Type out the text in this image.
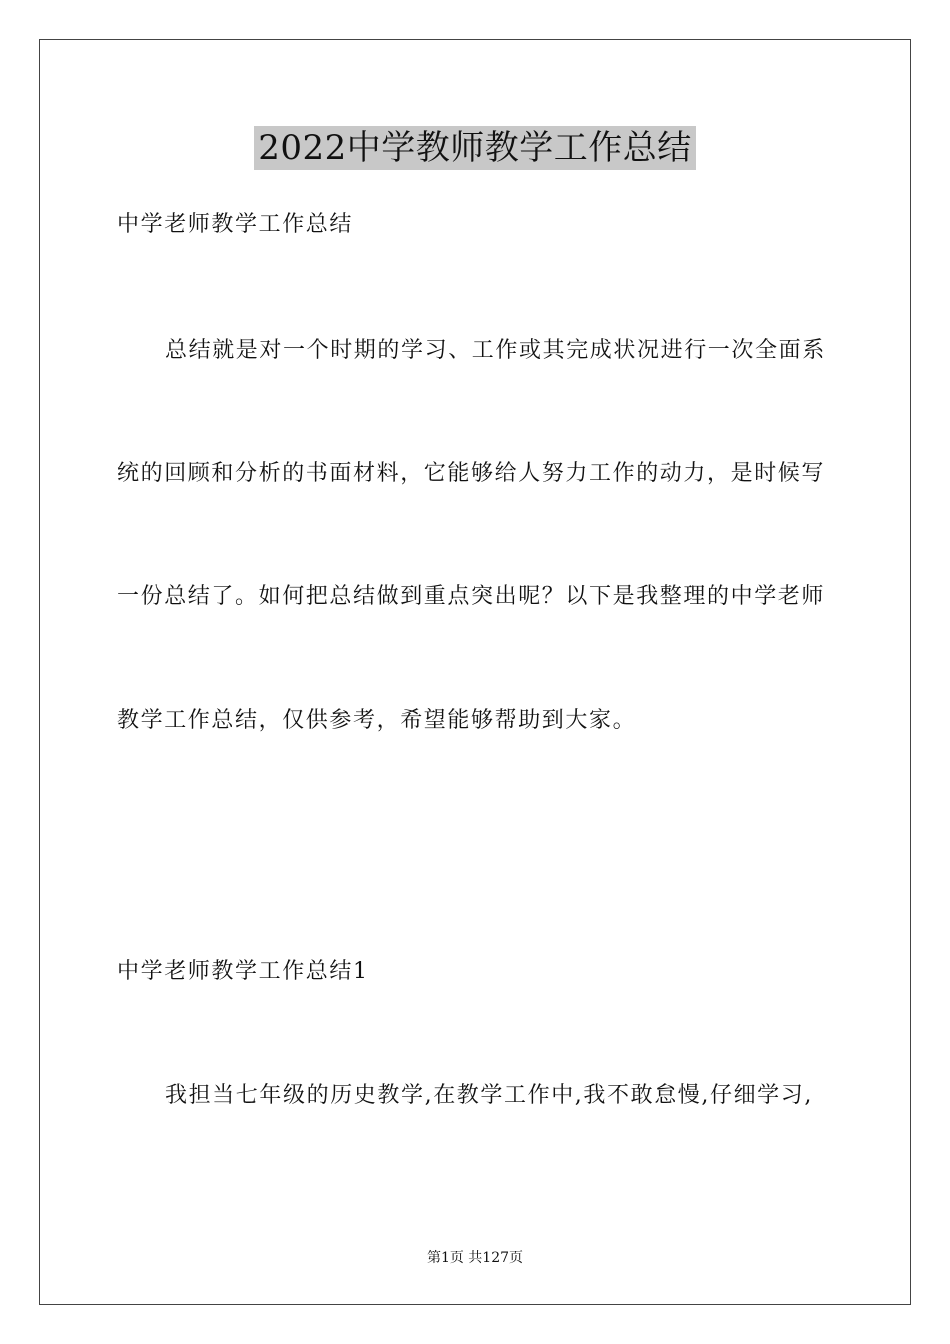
2022中学教师教学工作总结
中学老师教学工作总结
总结就是对一个时期的学习、工作或其完成状况进行一次全面系
统的回顾和分析的书面材料，它能够给人努力工作的动力，是时候写
一份总结了。如何把总结做到重点突出呢？以下是我整理的中学老师
教学工作总结，仅供参考，希望能够帮助到大家。
中学老师教学工作总结1
我担当七年级的历史教学,在教学工作中,我不敢怠慢,仔细学习,
第1页 共127页
